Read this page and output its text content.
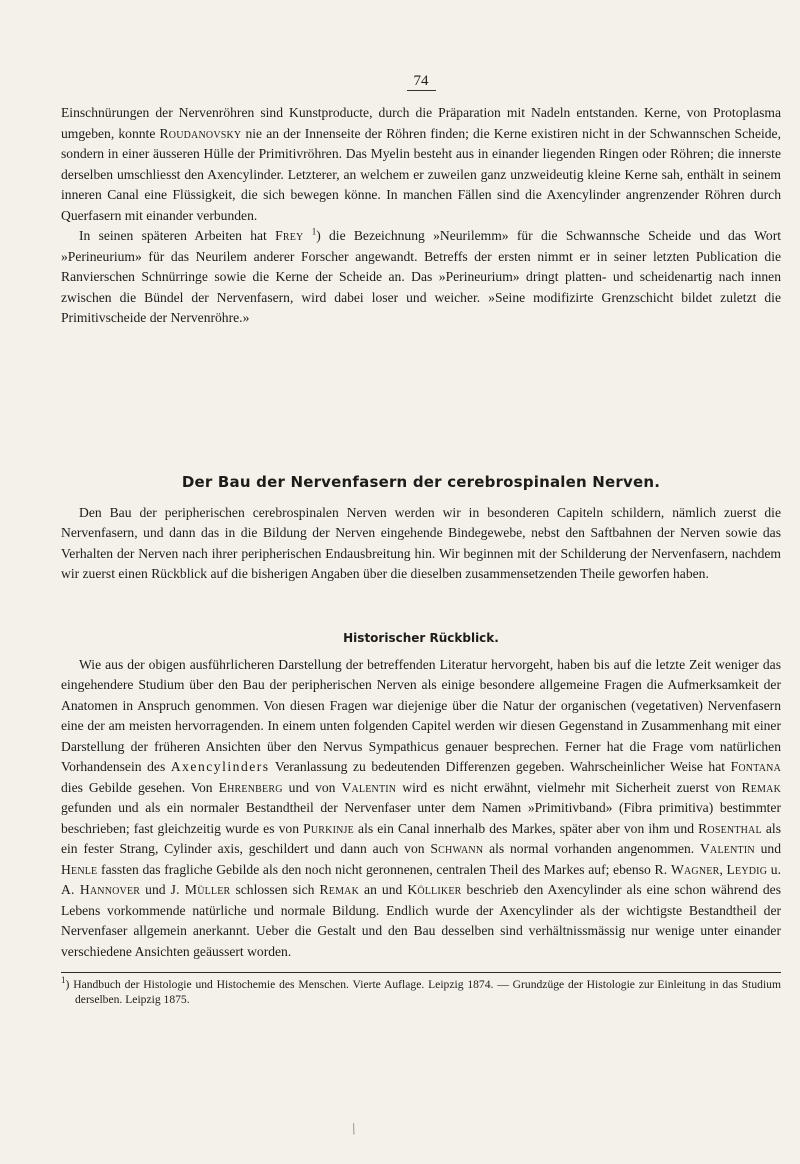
74

Einschnürungen der Nervenröhren sind Kunstproducte, durch die Präparation mit Nadeln entstanden. Kerne, von Protoplasma umgeben, konnte Roudanovsky nie an der Innenseite der Röhren finden; die Kerne existiren nicht in der Schwannschen Scheide, sondern in einer äusseren Hülle der Primitivröhren. Das Myelin besteht aus in einander liegenden Ringen oder Röhren; die innerste derselben umschliesst den Axencylinder. Letzterer, an welchem er zuweilen ganz unzweideutig kleine Kerne sah, enthält in seinem inneren Canal eine Flüssigkeit, die sich bewegen könne. In manchen Fällen sind die Axencylinder angrenzender Röhren durch Querfasern mit einander verbunden.

In seinen späteren Arbeiten hat Frey $^1$) die Bezeichnung »Neurilemm» für die Schwannsche Scheide und das Wort »Perineurium» für das Neurilem anderer Forscher angewandt. Betreffs der ersten nimmt er in seiner letzten Publication die Ranvierschen Schnürringe sowie die Kerne der Scheide an. Das »Perineurium» dringt platten- und scheidenartig nach innen zwischen die Bündel der Nervenfasern, wird dabei loser und weicher. »Seine modifizirte Grenzschicht bildet zuletzt die Primitivscheide der Nervenröhre.»

Der Bau der Nervenfasern der cerebrospinalen Nerven.

Den Bau der peripherischen cerebrospinalen Nerven werden wir in besonderen Capiteln schildern, nämlich zuerst die Nervenfasern, und dann das in die Bildung der Nerven eingehende Bindegewebe, nebst den Saftbahnen der Nerven sowie das Verhalten der Nerven nach ihrer peripherischen Endausbreitung hin. Wir beginnen mit der Schilderung der Nervenfasern, nachdem wir zuerst einen Rückblick auf die bisherigen Angaben über die dieselben zusammensetzenden Theile geworfen haben.

Historischer Rückblick.

Wie aus der obigen ausführlicheren Darstellung der betreffenden Literatur hervorgeht, haben bis auf die letzte Zeit weniger das eingehendere Studium über den Bau der peripherischen Nerven als einige besondere allgemeine Fragen die Aufmerksamkeit der Anatomen in Anspruch genommen. Von diesen Fragen war diejenige über die Natur der organischen (vegetativen) Nervenfasern eine der am meisten hervorragenden. In einem unten folgenden Capitel werden wir diesen Gegenstand in Zusammenhang mit einer Darstellung der früheren Ansichten über den Nervus Sympathicus genauer besprechen. Ferner hat die Frage vom natürlichen Vorhandensein des Axencylinders Veranlassung zu bedeutenden Differenzen gegeben. Wahrscheinlicher Weise hat Fontana dies Gebilde gesehen. Von Ehrenberg und von Valentin wird es nicht erwähnt, vielmehr mit Sicherheit zuerst von Remak gefunden und als ein normaler Bestandtheil der Nervenfaser unter dem Namen »Primitivband» (Fibra primitiva) bestimmter beschrieben; fast gleichzeitig wurde es von Purkinje als ein Canal innerhalb des Markes, später aber von ihm und Rosenthal als ein fester Strang, Cylinder axis, geschildert und dann auch von Schwann als normal vorhanden angenommen. Valentin und Henle fassten das fragliche Gebilde als den noch nicht geronnenen, centralen Theil des Markes auf; ebenso R. Wagner, Leydig u. A. Hannover und J. Müller schlossen sich Remak an und Kölliker beschrieb den Axencylinder als eine schon während des Lebens vorkommende natürliche und normale Bildung. Endlich wurde der Axencylinder als der wichtigste Bestandtheil der Nervenfaser allgemein anerkannt. Ueber die Gestalt und den Bau desselben sind verhältnissmässig nur wenige unter einander verschiedene Ansichten geäussert worden.

$^1$) Handbuch der Histologie und Histochemie des Menschen. Vierte Auflage. Leipzig 1874. — Grundzüge der Histologie zur Einleitung in das Studium derselben. Leipzig 1875.
/
